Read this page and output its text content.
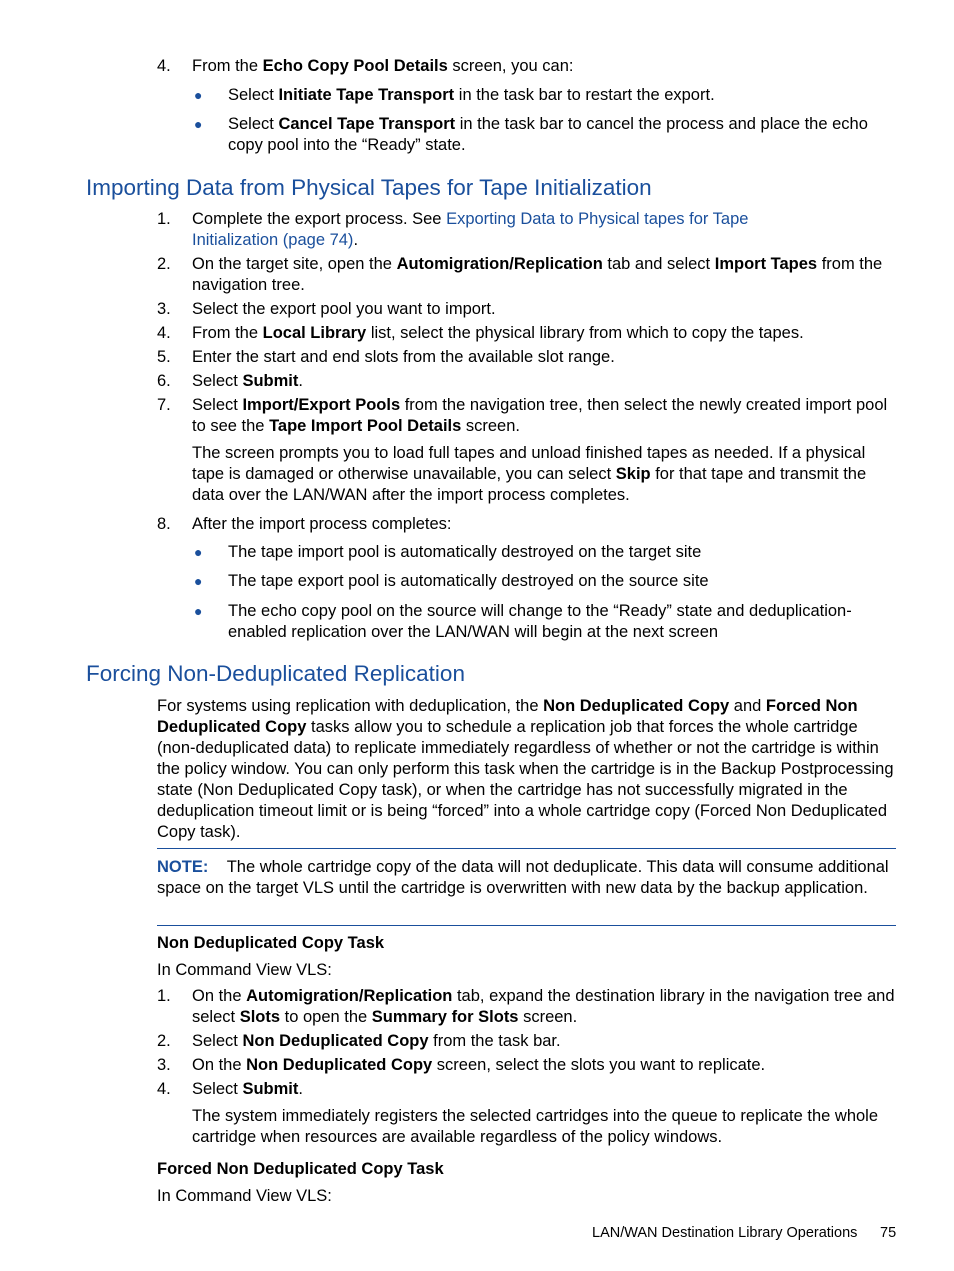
4. From the Echo Copy Pool Details screen, you can:
● Select Initiate Tape Transport in the task bar to restart the export.
● Select Cancel Tape Transport in the task bar to cancel the process and place the echo copy pool into the “Ready” state.
Importing Data from Physical Tapes for Tape Initialization
1. Complete the export process. See Exporting Data to Physical tapes for Tape Initialization (page 74).
2. On the target site, open the Automigration/Replication tab and select Import Tapes from the navigation tree.
3. Select the export pool you want to import.
4. From the Local Library list, select the physical library from which to copy the tapes.
5. Enter the start and end slots from the available slot range.
6. Select Submit.
7. Select Import/Export Pools from the navigation tree, then select the newly created import pool to see the Tape Import Pool Details screen.
The screen prompts you to load full tapes and unload finished tapes as needed. If a physical tape is damaged or otherwise unavailable, you can select Skip for that tape and transmit the data over the LAN/WAN after the import process completes.
8. After the import process completes:
● The tape import pool is automatically destroyed on the target site
● The tape export pool is automatically destroyed on the source site
● The echo copy pool on the source will change to the “Ready” state and deduplication-enabled replication over the LAN/WAN will begin at the next screen
Forcing Non-Deduplicated Replication
For systems using replication with deduplication, the Non Deduplicated Copy and Forced Non Deduplicated Copy tasks allow you to schedule a replication job that forces the whole cartridge (non-deduplicated data) to replicate immediately regardless of whether or not the cartridge is within the policy window. You can only perform this task when the cartridge is in the Backup Postprocessing state (Non Deduplicated Copy task), or when the cartridge has not successfully migrated in the deduplication timeout limit or is being “forced” into a whole cartridge copy (Forced Non Deduplicated Copy task).
NOTE: The whole cartridge copy of the data will not deduplicate. This data will consume additional space on the target VLS until the cartridge is overwritten with new data by the backup application.
Non Deduplicated Copy Task
In Command View VLS:
1. On the Automigration/Replication tab, expand the destination library in the navigation tree and select Slots to open the Summary for Slots screen.
2. Select Non Deduplicated Copy from the task bar.
3. On the Non Deduplicated Copy screen, select the slots you want to replicate.
4. Select Submit.
The system immediately registers the selected cartridges into the queue to replicate the whole cartridge when resources are available regardless of the policy windows.
Forced Non Deduplicated Copy Task
In Command View VLS:
LAN/WAN Destination Library Operations 75
